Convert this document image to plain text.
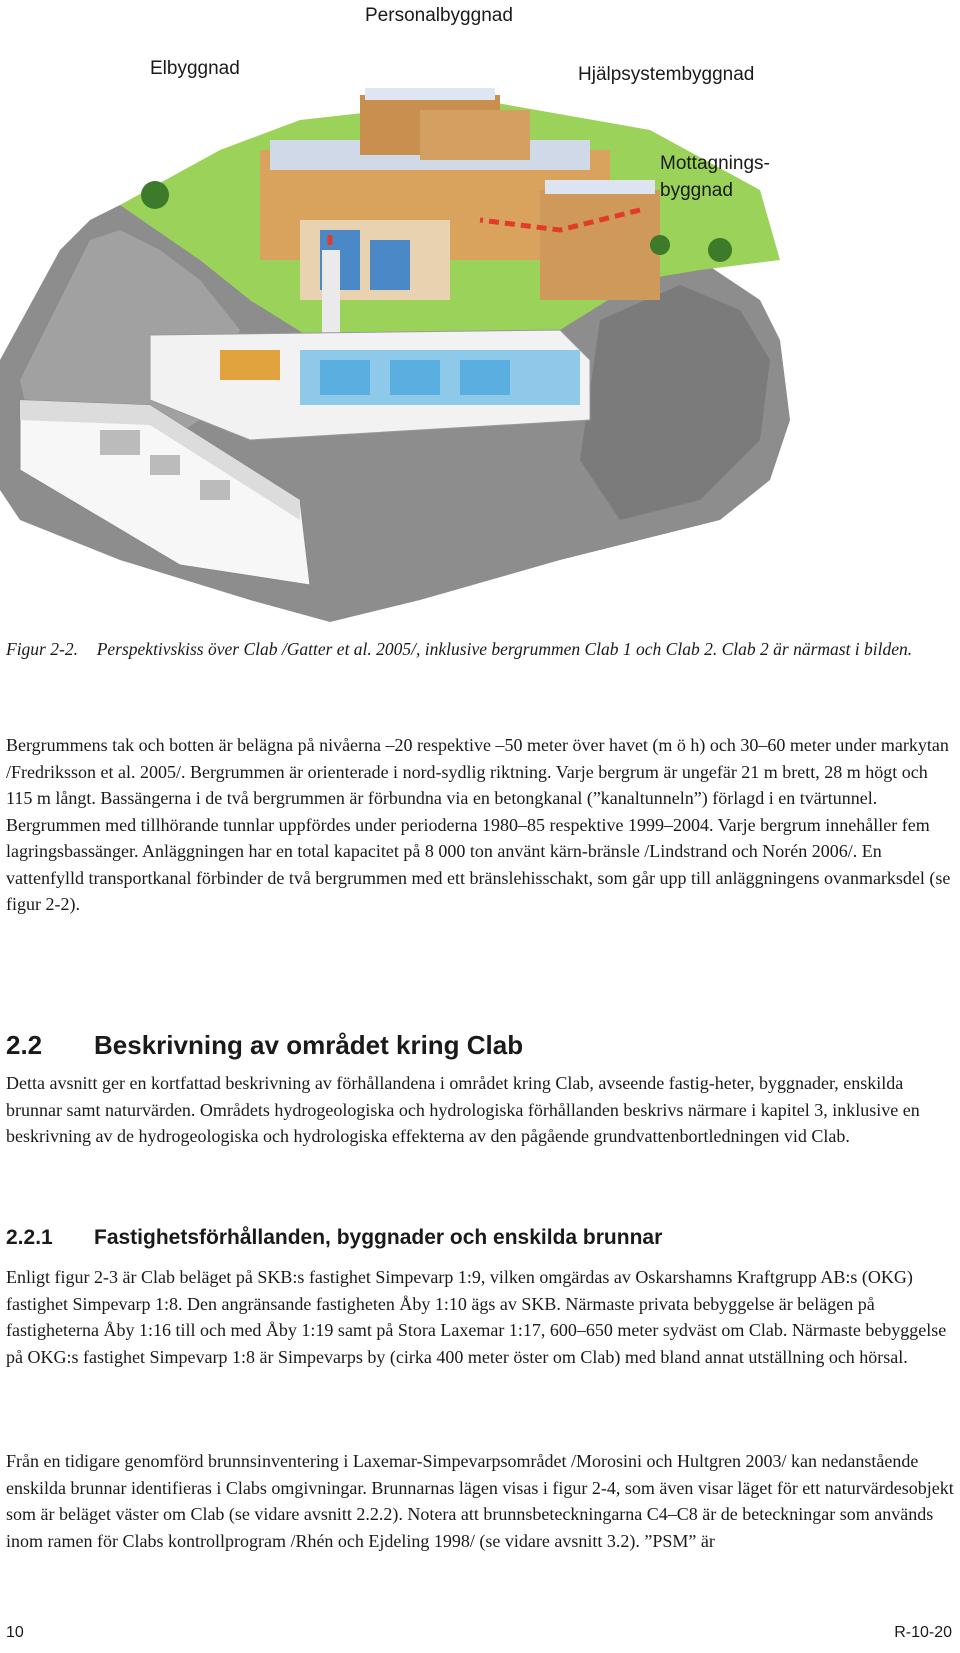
Personalbyggnad
Elbyggnad	Hjälpsystembyggnad
Mottagnings-
byggnad
Figur 2-2. Perspektivskiss över Clab /Gatter et al. 2005/, inklusive bergrummen Clab 1 och Clab 2. Clab 2 är närmast i bilden.

Bergrummens tak och botten är belägna på nivåerna –20 respektive –50 meter över havet (m ö h) och 30–60 meter under markytan /Fredriksson et al. 2005/. Bergrummen är orienterade i nord-sydlig riktning. Varje bergrum är ungefär 21 m brett, 28 m högt och 115 m långt. Bassängerna i de två bergrummen är förbundna via en betongkanal (”kanaltunneln”) förlagd i en tvärtunnel. Bergrummen med tillhörande tunnlar uppfördes under perioderna 1980–85 respektive 1999–2004. Varje bergrum innehåller fem lagringsbassänger. Anläggningen har en total kapacitet på 8 000 ton använt kärn-bränsle /Lindstrand och Norén 2006/. En vattenfylld transportkanal förbinder de två bergrummen med ett bränslehisschakt, som går upp till anläggningens ovanmarksdel (se figur 2-2).

2.2 Beskrivning av området kring Clab

Detta avsnitt ger en kortfattad beskrivning av förhållandena i området kring Clab, avseende fastig-heter, byggnader, enskilda brunnar samt naturvärden. Områdets hydrogeologiska och hydrologiska förhållanden beskrivs närmare i kapitel 3, inklusive en beskrivning av de hydrogeologiska och hydrologiska effekterna av den pågående grundvattenbortledningen vid Clab.

2.2.1 Fastighetsförhållanden, byggnader och enskilda brunnar

Enligt figur 2-3 är Clab beläget på SKB:s fastighet Simpevarp 1:9, vilken omgärdas av Oskarshamns Kraftgrupp AB:s (OKG) fastighet Simpevarp 1:8. Den angränsande fastigheten Åby 1:10 ägs av SKB. Närmaste privata bebyggelse är belägen på fastigheterna Åby 1:16 till och med Åby 1:19 samt på Stora Laxemar 1:17, 600–650 meter sydväst om Clab. Närmaste bebyggelse på OKG:s fastighet Simpevarp 1:8 är Simpevarps by (cirka 400 meter öster om Clab) med bland annat utställning och hörsal.

Från en tidigare genomförd brunnsinventering i Laxemar-Simpevarpsområdet /Morosini och Hultgren 2003/ kan nedanstående enskilda brunnar identifieras i Clabs omgivningar. Brunnarnas lägen visas i figur 2-4, som även visar läget för ett naturvärdesobjekt som är beläget väster om Clab (se vidare avsnitt 2.2.2). Notera att brunnsbeteckningarna C4–C8 är de beteckningar som används inom ramen för Clabs kontrollprogram /Rhén och Ejdeling 1998/ (se vidare avsnitt 3.2). ”PSM” är

10	R-10-20
